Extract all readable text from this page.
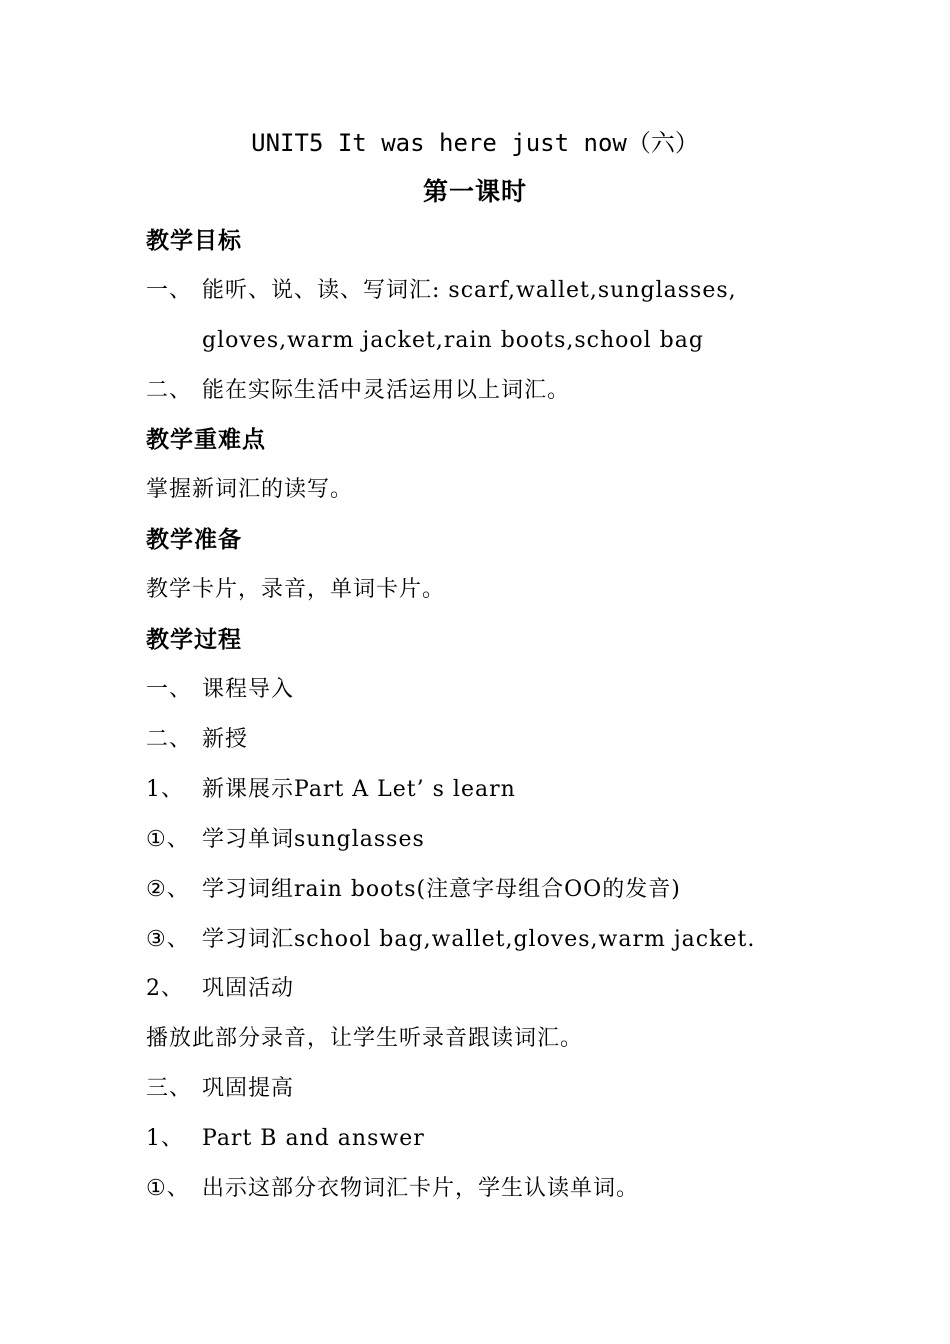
UNIT5 It was here just now（六）
第一课时
教学目标
一、 能听、说、读、写词汇: scarf,wallet,sunglasses,
gloves,warm jacket,rain boots,school bag
二、 能在实际生活中灵活运用以上词汇。
教学重难点
掌握新词汇的读写。
教学准备
教学卡片，录音，单词卡片。
教学过程
一、 课程导入
二、 新授
1、 新课展示Part A Let’ s learn
①、 学习单词sunglasses
②、 学习词组rain boots(注意字母组合OO的发音)
③、 学习词汇school bag,wallet,gloves,warm jacket.
2、 巩固活动
播放此部分录音，让学生听录音跟读词汇。
三、 巩固提高
1、 Part B and answer
①、 出示这部分衣物词汇卡片，学生认读单词。
